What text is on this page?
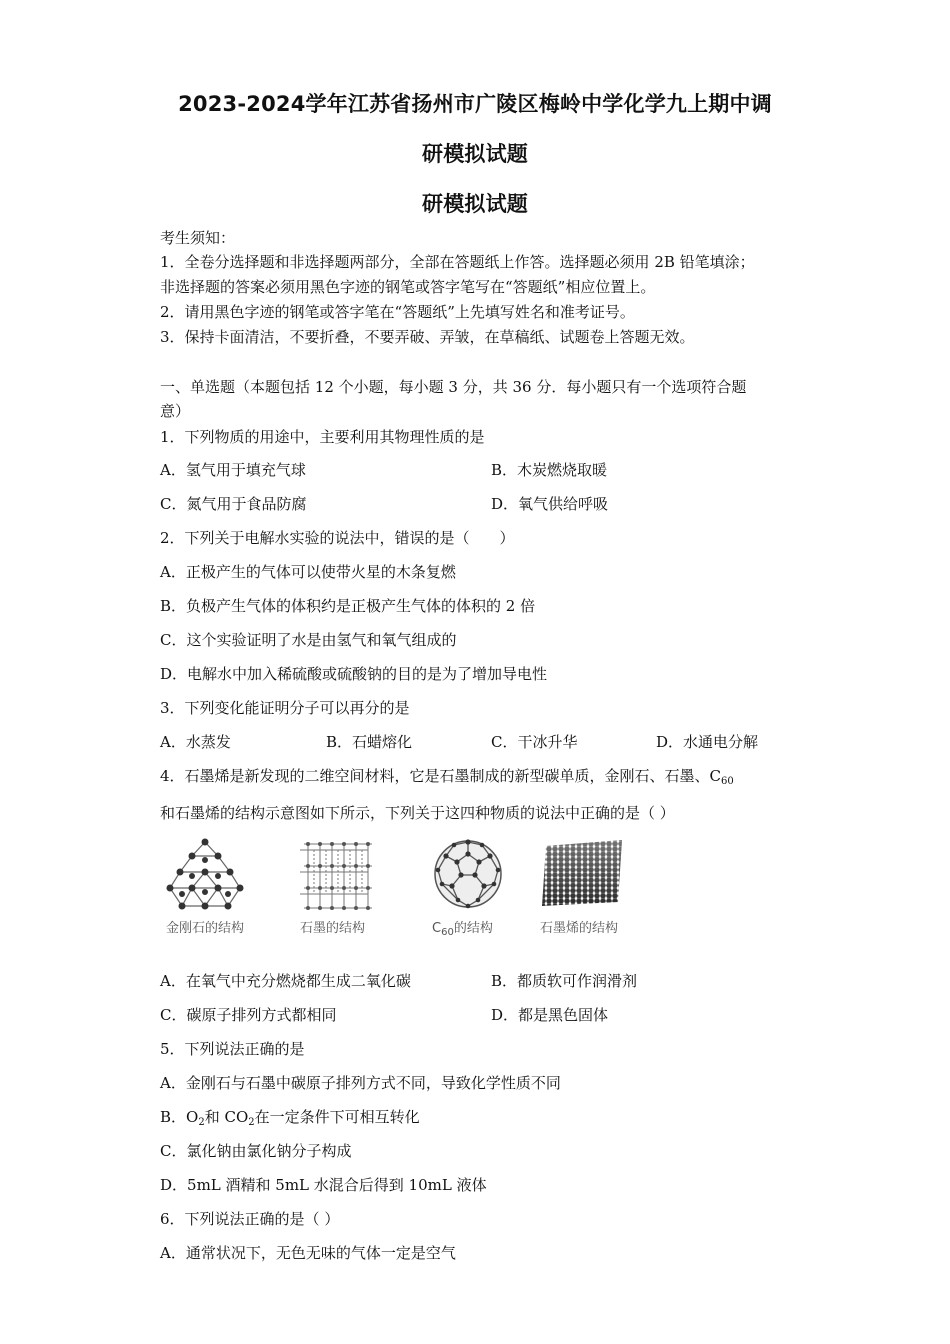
2023-2024学年江苏省扬州市广陵区梅岭中学化学九上期中调
研模拟试题
研模拟试题
考生须知：
1．全卷分选择题和非选择题两部分，全部在答题纸上作答。选择题必须用 2B 铅笔填涂；
非选择题的答案必须用黑色字迹的钢笔或答字笔写在“答题纸”相应位置上。
2．请用黑色字迹的钢笔或答字笔在“答题纸”上先填写姓名和准考证号。
3．保持卡面清洁，不要折叠，不要弄破、弄皱，在草稿纸、试题卷上答题无效。
一、单选题（本题包括 12 个小题，每小题 3 分，共 36 分．每小题只有一个选项符合题
意）
1．下列物质的用途中，主要利用其物理性质的是
A．氢气用于填充气球	B．木炭燃烧取暖
C．氮气用于食品防腐	D．氧气供给呼吸
2．下列关于电解水实验的说法中，错误的是（　　）
A．正极产生的气体可以使带火星的木条复燃
B．负极产生气体的体积约是正极产生气体的体积的 2 倍
C．这个实验证明了水是由氢气和氧气组成的
D．电解水中加入稀硫酸或硫酸钠的目的是为了增加导电性
3．下列变化能证明分子可以再分的是
A．水蒸发	B．石蜡熔化	C．干冰升华	D．水通电分解
4．石墨烯是新发现的二维空间材料，它是石墨制成的新型碳单质，金刚石、石墨、$C_{60}$
和石墨烯的结构示意图如下所示，下列关于这四种物质的说法中正确的是（ ）
金刚石的结构	石墨的结构	$C_{60}$的结构	石墨烯的结构
A．在氧气中充分燃烧都生成二氧化碳	B．都质软可作润滑剂
C．碳原子排列方式都相同	D．都是黑色固体
5．下列说法正确的是
A．金刚石与石墨中碳原子排列方式不同，导致化学性质不同
B．$O_2$和 $CO_2$在一定条件下可相互转化
C．氯化钠由氯化钠分子构成
D．5mL 酒精和 5mL 水混合后得到 10mL 液体
6．下列说法正确的是（ ）
A．通常状况下，无色无味的气体一定是空气
